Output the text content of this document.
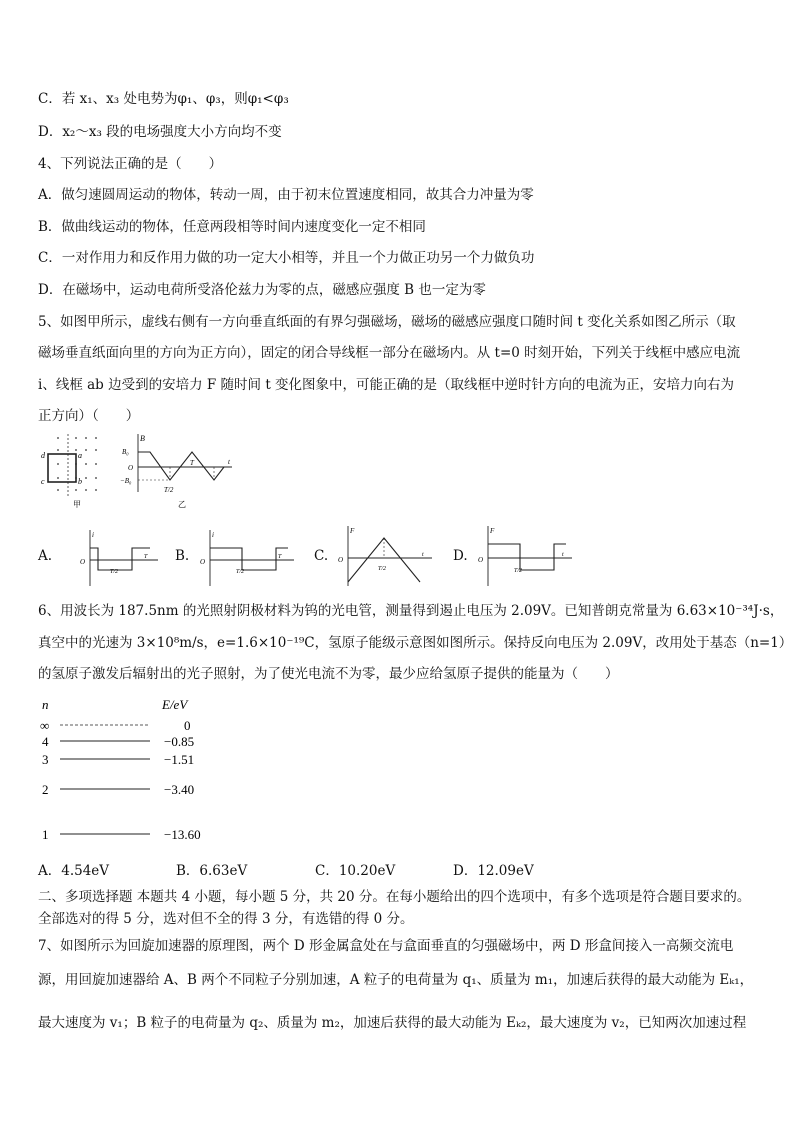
C．若 x₁、x₃ 处电势为φ₁、φ₃，则φ₁<φ₃
D．x₂～x₃ 段的电场强度大小方向均不变
4、下列说法正确的是（　　）
A．做匀速圆周运动的物体，转动一周，由于初末位置速度相同，故其合力冲量为零
B．做曲线运动的物体，任意两段相等时间内速度变化一定不相同
C．一对作用力和反作用力做的功一定大小相等，并且一个力做正功另一个力做负功
D．在磁场中，运动电荷所受洛伦兹力为零的点，磁感应强度 B 也一定为零
5、如图甲所示，虚线右侧有一方向垂直纸面的有界匀强磁场，磁场的磁感应强度口随时间 t 变化关系如图乙所示（取
磁场垂直纸面向里的方向为正方向），固定的闭合导线框一部分在磁场内。从 t=0 时刻开始，下列关于线框中感应电流
i、线框 ab 边受到的安培力 F 随时间 t 变化图象中，可能正确的是（取线框中逆时针方向的电流为正，安培力向右为
正方向）（　　）
d	a
c	b
甲
B
B₀
O
−B₀
t
T/2
T
乙
A.
i
O
T/2
T B.
i
O
T/2
T C.
F
O
T/2
t D.
F
O
T/2
t
6、用波长为 187.5nm 的光照射阴极材料为钨的光电管，测量得到遏止电压为 2.09V。已知普朗克常量为 6.63×10⁻³⁴J·s，
真空中的光速为 3×10⁸m/s，e=1.6×10⁻¹⁹C，氢原子能级示意图如图所示。保持反向电压为 2.09V，改用处于基态（n=1）
的氢原子激发后辐射出的光子照射，为了使光电流不为零，最少应给氢原子提供的能量为（　　）
n	E/eV
∞	0
4	−0.85
3	−1.51
2	−3.40
1	−13.60
A．4.54eV	B．6.63eV	C．10.20eV	D．12.09eV
二、多项选择题 本题共 4 小题，每小题 5 分，共 20 分。在每小题给出的四个选项中，有多个选项是符合题目要求的。
全部选对的得 5 分，选对但不全的得 3 分，有选错的得 0 分。
7、如图所示为回旋加速器的原理图，两个 D 形金属盒处在与盒面垂直的匀强磁场中，两 D 形盒间接入一高频交流电
源，用回旋加速器给 A、B 两个不同粒子分别加速，A 粒子的电荷量为 q₁、质量为 m₁，加速后获得的最大动能为 Eₖ₁，
最大速度为 v₁；B 粒子的电荷量为 q₂、质量为 m₂，加速后获得的最大动能为 Eₖ₂，最大速度为 v₂，已知两次加速过程
